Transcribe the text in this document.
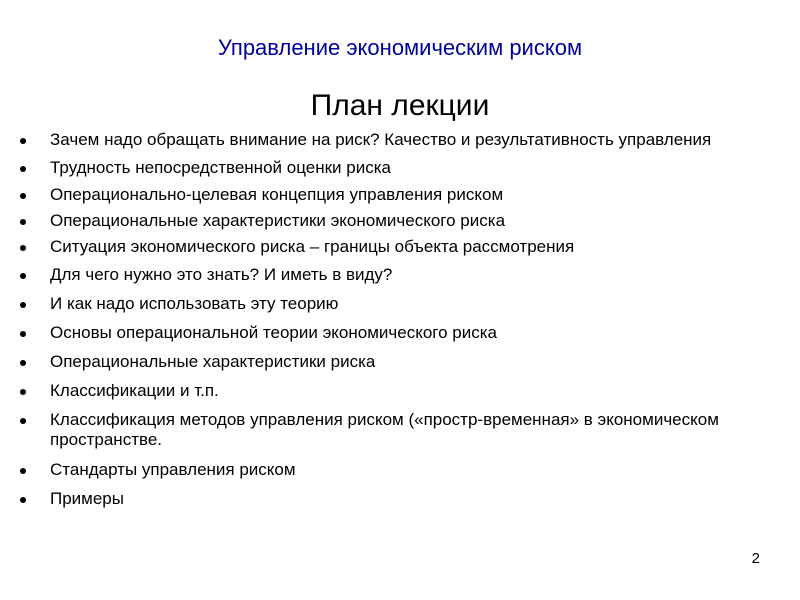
Управление экономическим риском
План лекции
Зачем надо обращать внимание на риск? Качество и результативность управления
Трудность непосредственной оценки риска
Операционально-целевая концепция управления риском
Операциональные характеристики экономического риска
Ситуация экономического риска – границы объекта рассмотрения
Для чего нужно это знать? И иметь в виду?
И как надо использовать эту теорию
Основы операциональной теории экономического риска
Операциональные характеристики риска
Классификации и т.п.
Классификация методов управления риском («простр-временная» в экономическом пространстве.
Стандарты управления риском
Примеры
2
